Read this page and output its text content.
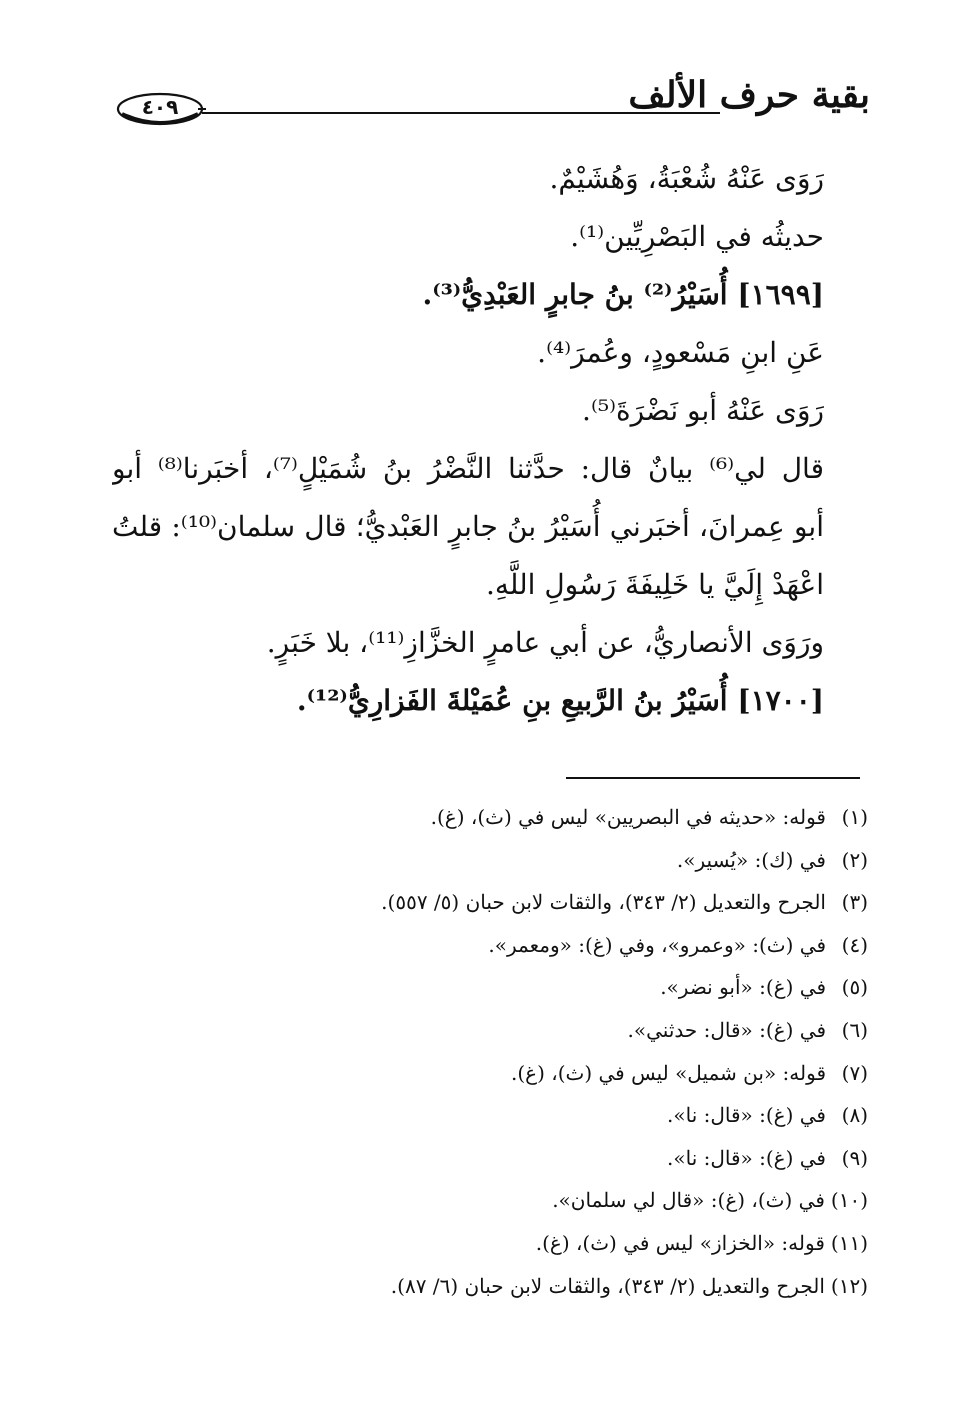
بقية حرف الألف
٤٠٩
رَوَى عَنْهُ شُعْبَةُ، وَهُشَيْمٌ.
حديثُه في البَصْرِيِّين⁽¹⁾.
[١٦٩٩] أُسَيْرُ⁽²⁾ بنُ جابرٍ العَبْدِيُّ⁽³⁾.
عَنِ ابنِ مَسْعودٍ، وعُمرَ⁽⁴⁾.
رَوَى عَنْهُ أبو نَضْرَةَ⁽⁵⁾.
قال لي⁽⁶⁾ بيانٌ قال: حدَّثنا النَّضْرُ بنُ شُمَيْلٍ⁽⁷⁾، أخبَرنا⁽⁸⁾ أبو
أبو عِمرانَ، أخبَرني أُسَيْرُ بنُ جابرٍ العَبْديُّ؛ قال سلمان⁽¹⁰⁾: قلتُ
اعْهَدْ إِلَيَّ يا خَلِيفَةَ رَسُولِ اللَّهِ.
ورَوَى الأنصاريُّ، عن أبي عامرٍ الخزَّازِ⁽¹¹⁾، بلا خَبَرٍ.
[١٧٠٠] أُسَيْرُ بنُ الرَّبيعِ بنِ عُمَيْلةَ الفَزارِيُّ⁽¹²⁾.
(١)قوله: «حديثه في البصريين» ليس في (ث)، (غ).
(٢)في (ك): «يُسير».
(٣)الجرح والتعديل (٢/ ٣٤٣)، والثقات لابن حبان (٥/ ٥٥٧).
(٤)في (ث): «وعمرو»، وفي (غ): «ومعمر».
(٥)في (غ): «أبو نضر».
(٦)في (غ): «قال: حدثني».
(٧)قوله: «بن شميل» ليس في (ث)، (غ).
(٨)في (غ): «قال: نا».
(٩)في (غ): «قال: نا».
(١٠)في (ث)، (غ): «قال لي سلمان».
(١١)قوله: «الخزاز» ليس في (ث)، (غ).
(١٢)الجرح والتعديل (٢/ ٣٤٣)، والثقات لابن حبان (٦/ ٨٧).
